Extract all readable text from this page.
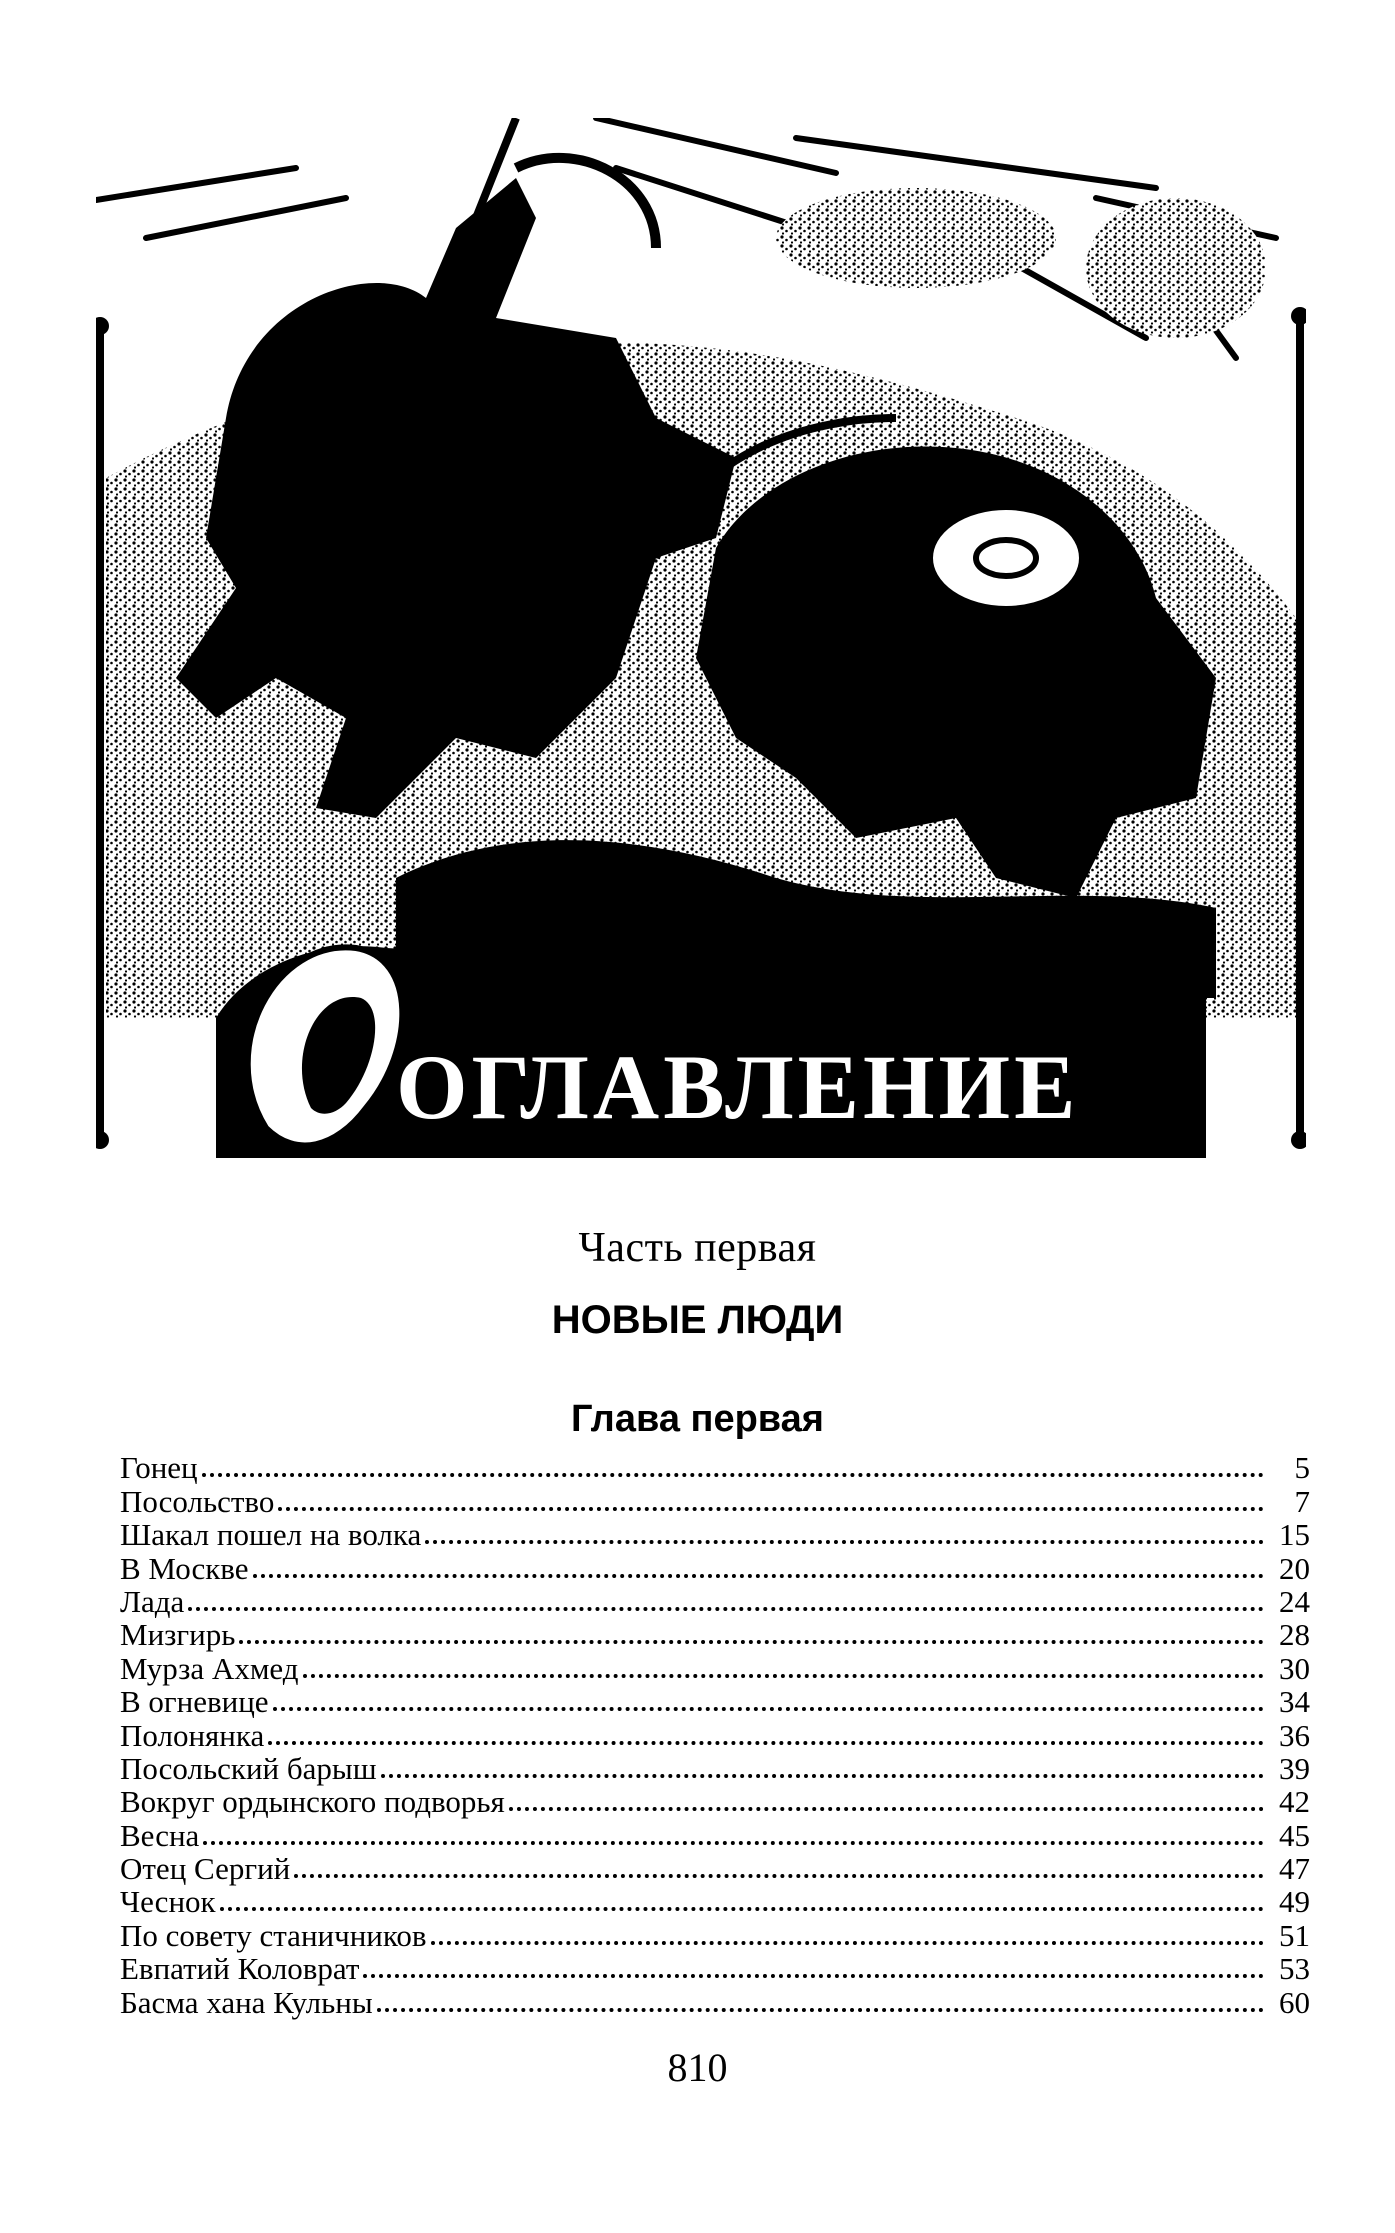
ОГЛАВЛЕНИЕ
Часть первая
НОВЫЕ ЛЮДИ
Глава первая
Гонец	5
Посольство	7
Шакал пошел на волка	15
В Москве	20
Лада	24
Мизгирь	28
Мурза Ахмед	30
В огневице	34
Полонянка	36
Посольский барыш	39
Вокруг ордынского подворья	42
Весна	45
Отец Сергий	47
Чеснок	49
По совету станичников	51
Евпатий Коловрат	53
Басма хана Кульны	60
810
